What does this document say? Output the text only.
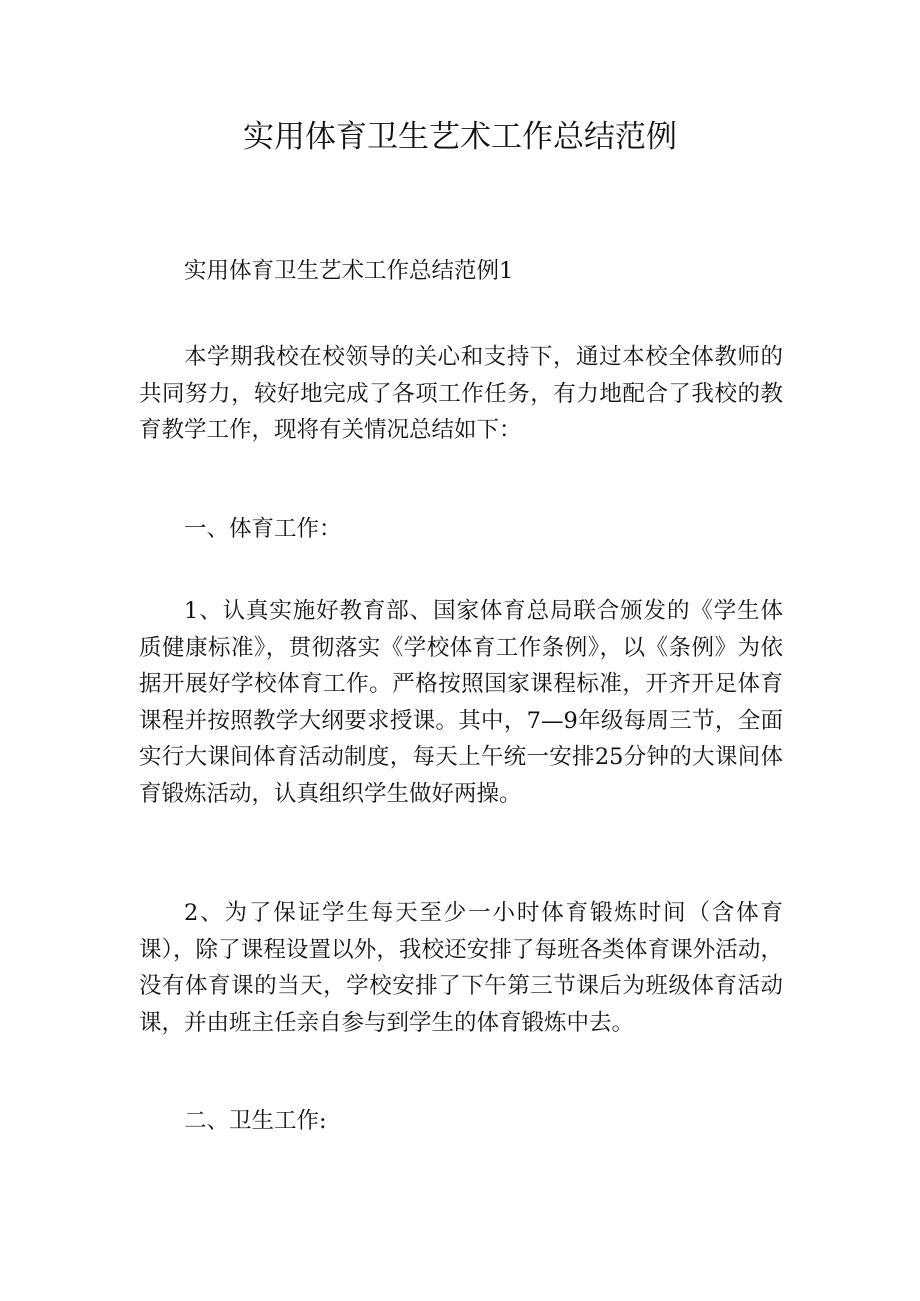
实用体育卫生艺术工作总结范例

实用体育卫生艺术工作总结范例1

本学期我校在校领导的关心和支持下，通过本校全体教师的共同努力，较好地完成了各项工作任务，有力地配合了我校的教育教学工作，现将有关情况总结如下：

一、体育工作：

1、认真实施好教育部、国家体育总局联合颁发的《学生体质健康标准》，贯彻落实《学校体育工作条例》，以《条例》为依据开展好学校体育工作。严格按照国家课程标准，开齐开足体育课程并按照教学大纲要求授课。其中，7—9年级每周三节，全面实行大课间体育活动制度，每天上午统一安排25分钟的大课间体育锻炼活动，认真组织学生做好两操。

2、为了保证学生每天至少一小时体育锻炼时间（含体育课），除了课程设置以外，我校还安排了每班各类体育课外活动，没有体育课的当天，学校安排了下午第三节课后为班级体育活动课，并由班主任亲自参与到学生的体育锻炼中去。

二、卫生工作:
